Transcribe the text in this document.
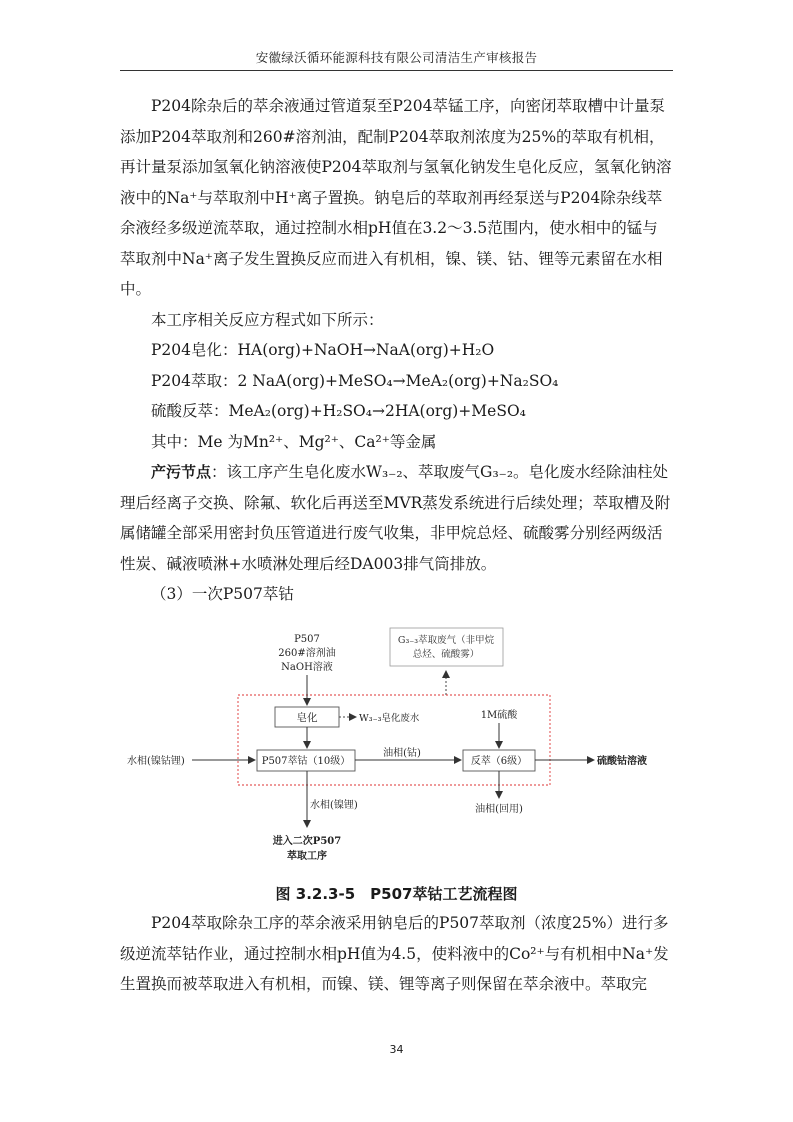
安徽绿沃循环能源科技有限公司清洁生产审核报告

P204除杂后的萃余液通过管道泵至P204萃锰工序，向密闭萃取槽中计量泵添加P204萃取剂和260#溶剂油，配制P204萃取剂浓度为25%的萃取有机相，再计量泵添加氢氧化钠溶液使P204萃取剂与氢氧化钠发生皂化反应，氢氧化钠溶液中的Na⁺与萃取剂中H⁺离子置换。钠皂后的萃取剂再经泵送与P204除杂线萃余液经多级逆流萃取，通过控制水相pH值在3.2～3.5范围内，使水相中的锰与萃取剂中Na⁺离子发生置换反应而进入有机相，镍、镁、钴、锂等元素留在水相中。

本工序相关反应方程式如下所示：

P204皂化：HA(org)+NaOH→NaA(org)+H₂O

P204萃取：2 NaA(org)+MeSO₄→MeA₂(org)+Na₂SO₄

硫酸反萃：MeA₂(org)+H₂SO₄→2HA(org)+MeSO₄

其中：Me 为Mn²⁺、Mg²⁺、Ca²⁺等金属

产污节点：该工序产生皂化废水W₃₋₂、萃取废气G₃₋₂。皂化废水经除油柱处理后经离子交换、除氟、软化后再送至MVR蒸发系统进行后续处理；萃取槽及附属储罐全部采用密封负压管道进行废气收集，非甲烷总烃、硫酸雾分别经两级活性炭、碱液喷淋+水喷淋处理后经DA003排气筒排放。

（3）一次P507萃钴

P507
260#溶剂油
NaOH溶液
G₃₋₃萃取废气（非甲烷
总烃、硫酸雾）
皂化	W₃₋₃皂化废水	1M硫酸
水相(镍钴锂)	P507萃钴（10级）
油相(钴)
反萃（6级）	硫酸钴溶液
水相(镍锂)	油相(回用)
进入二次P507
萃取工序
图 3.2.3-5　P507萃钴工艺流程图

P204萃取除杂工序的萃余液采用钠皂后的P507萃取剂（浓度25%）进行多级逆流萃钴作业，通过控制水相pH值为4.5，使料液中的Co²⁺与有机相中Na⁺发生置换而被萃取进入有机相，而镍、镁、锂等离子则保留在萃余液中。萃取完

34
